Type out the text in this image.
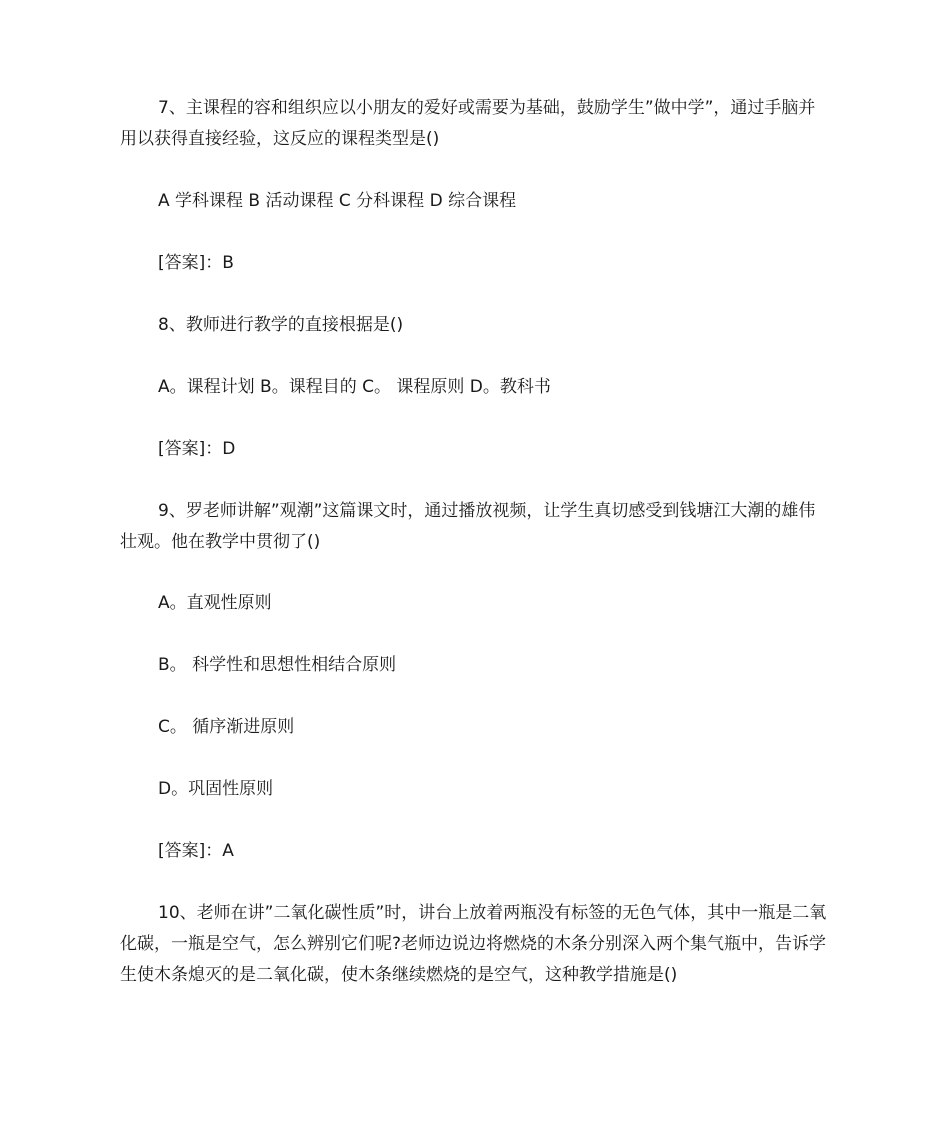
7、主课程的容和组织应以小朋友的爱好或需要为基础，鼓励学生”做中学”，通过手脑并用以获得直接经验，这反应的课程类型是()
A 学科课程 B 活动课程 C 分科课程 D 综合课程
[答案]：B
8、教师进行教学的直接根据是()
A。课程计划 B。课程目的 C。 课程原则 D。教科书
[答案]：D
9、罗老师讲解”观潮”这篇课文时，通过播放视频，让学生真切感受到钱塘江大潮的雄伟壮观。他在教学中贯彻了()
A。直观性原则
B。 科学性和思想性相结合原则
C。 循序渐进原则
D。巩固性原则
[答案]：A
10、老师在讲”二氧化碳性质”时，讲台上放着两瓶没有标签的无色气体，其中一瓶是二氧化碳，一瓶是空气，怎么辨别它们呢?老师边说边将燃烧的木条分别深入两个集气瓶中，告诉学生使木条熄灭的是二氧化碳，使木条继续燃烧的是空气，这种教学措施是()
